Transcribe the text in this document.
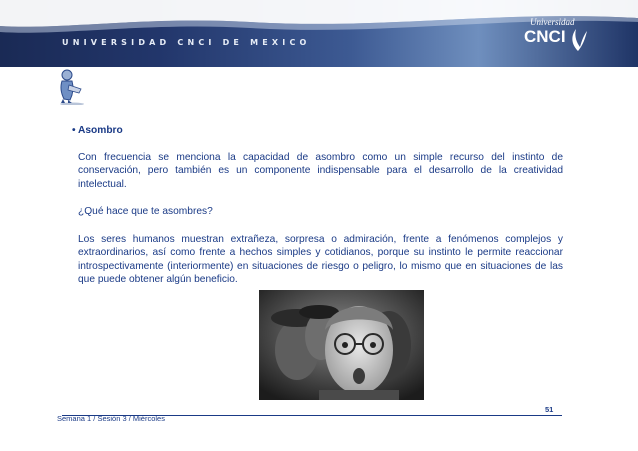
UNIVERSIDAD CNCI DE MEXICO
Universidad
CNCI
• Asombro

Con frecuencia se menciona la capacidad de asombro como un simple recurso del instinto de conservación, pero también es un componente indispensable para el desarrollo de la creatividad intelectual.

¿Qué hace que te asombres?

Los seres humanos muestran extrañeza, sorpresa o admiración, frente a fenómenos complejos y extraordinarios, así como frente a hechos simples y cotidianos, porque su instinto le permite reaccionar introspectivamente (interiormente) en situaciones de riesgo o peligro, lo mismo que en situaciones de las que puede obtener algún beneficio.

51
Semana 1 / Sesión 3 / Miércoles
